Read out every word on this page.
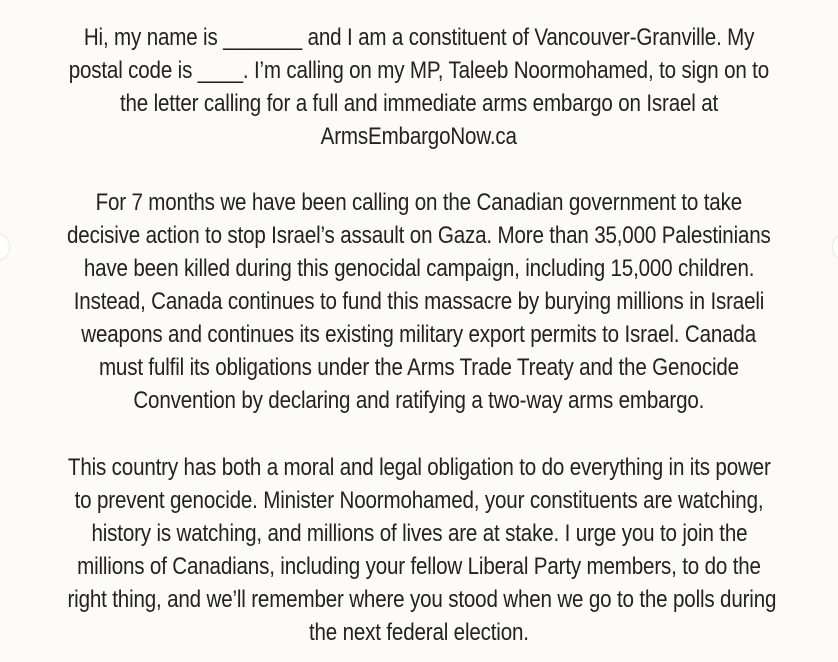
Hi, my name is _______ and I am a constituent of Vancouver-Granville. My
postal code is ____. I’m calling on my MP, Taleeb Noormohamed, to sign on to
the letter calling for a full and immediate arms embargo on Israel at
ArmsEmbargoNow.ca
For 7 months we have been calling on the Canadian government to take
decisive action to stop Israel’s assault on Gaza. More than 35,000 Palestinians
have been killed during this genocidal campaign, including 15,000 children.
Instead, Canada continues to fund this massacre by burying millions in Israeli
weapons and continues its existing military export permits to Israel. Canada
must fulfil its obligations under the Arms Trade Treaty and the Genocide
Convention by declaring and ratifying a two-way arms embargo.
This country has both a moral and legal obligation to do everything in its power
to prevent genocide. Minister Noormohamed, your constituents are watching,
history is watching, and millions of lives are at stake. I urge you to join the
millions of Canadians, including your fellow Liberal Party members, to do the
right thing, and we’ll remember where you stood when we go to the polls during
the next federal election.
